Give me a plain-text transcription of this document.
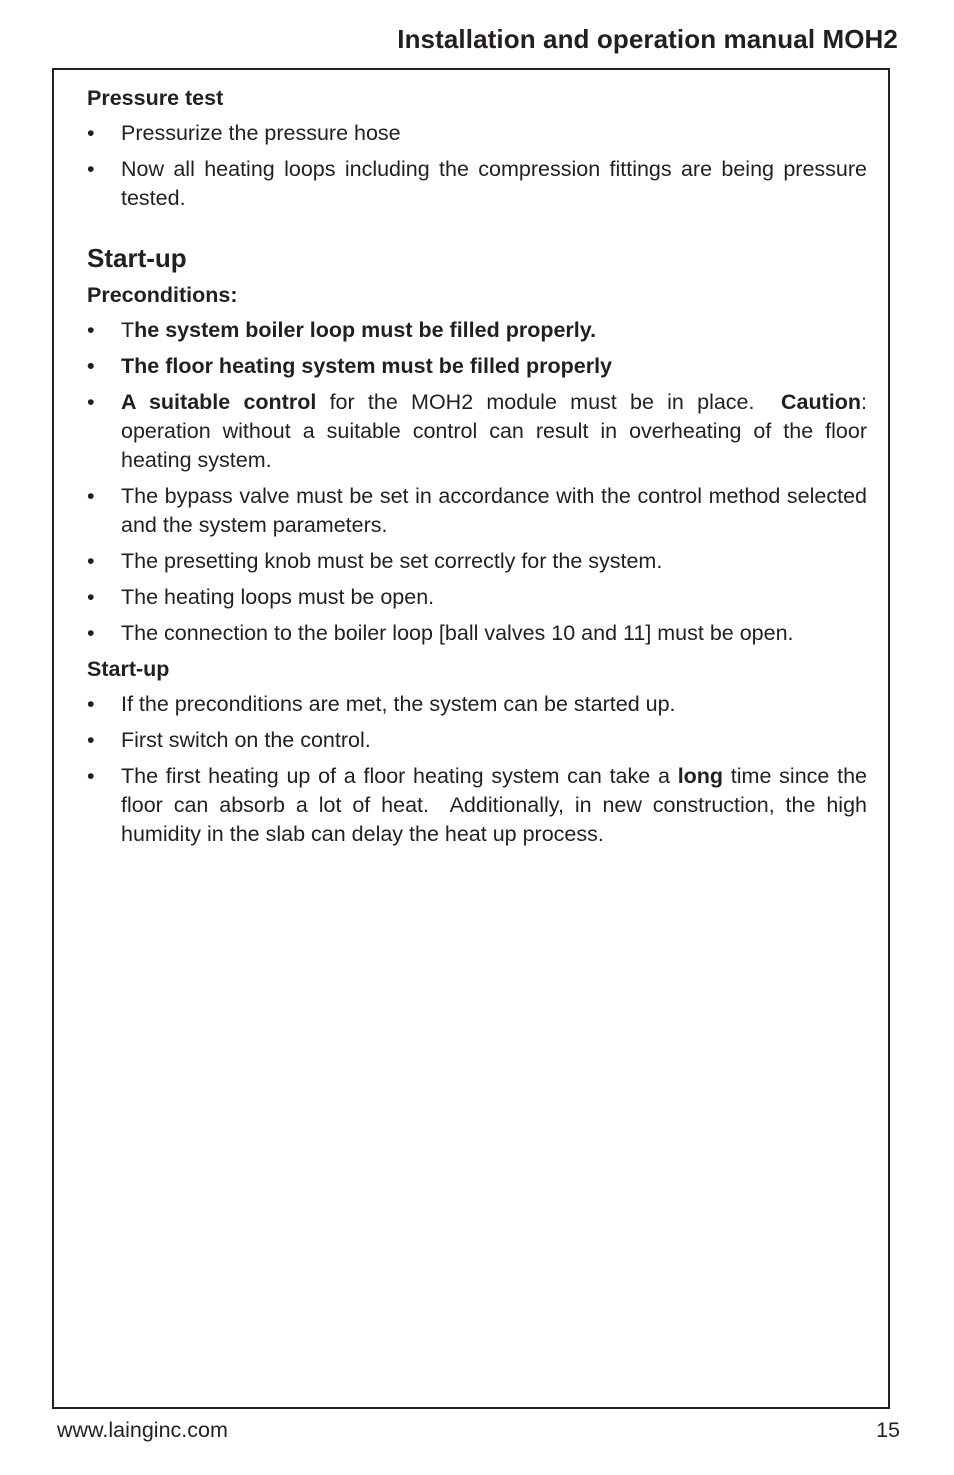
Installation and operation manual MOH2
Pressure test
• Pressurize the pressure hose
• Now all heating loops including the compression fittings are being pressure tested.
Start-up
Preconditions:
• The system boiler loop must be filled properly.
• The floor heating system must be filled properly
• A suitable control for the MOH2 module must be in place.  Caution: operation without a suitable control can result in overheating of the floor heating system.
• The bypass valve must be set in accordance with the control method selected and the system parameters.
• The presetting knob must be set correctly for the system.
• The heating loops must be open.
• The connection to the boiler loop [ball valves 10 and 11] must be open.
Start-up
• If the preconditions are met, the system can be started up.
• First switch on the control.
• The first heating up of a floor heating system can take a long time since the floor can absorb a lot of heat.  Additionally, in new construction, the high humidity in the slab can delay the heat up process.
www.lainginc.com	15
